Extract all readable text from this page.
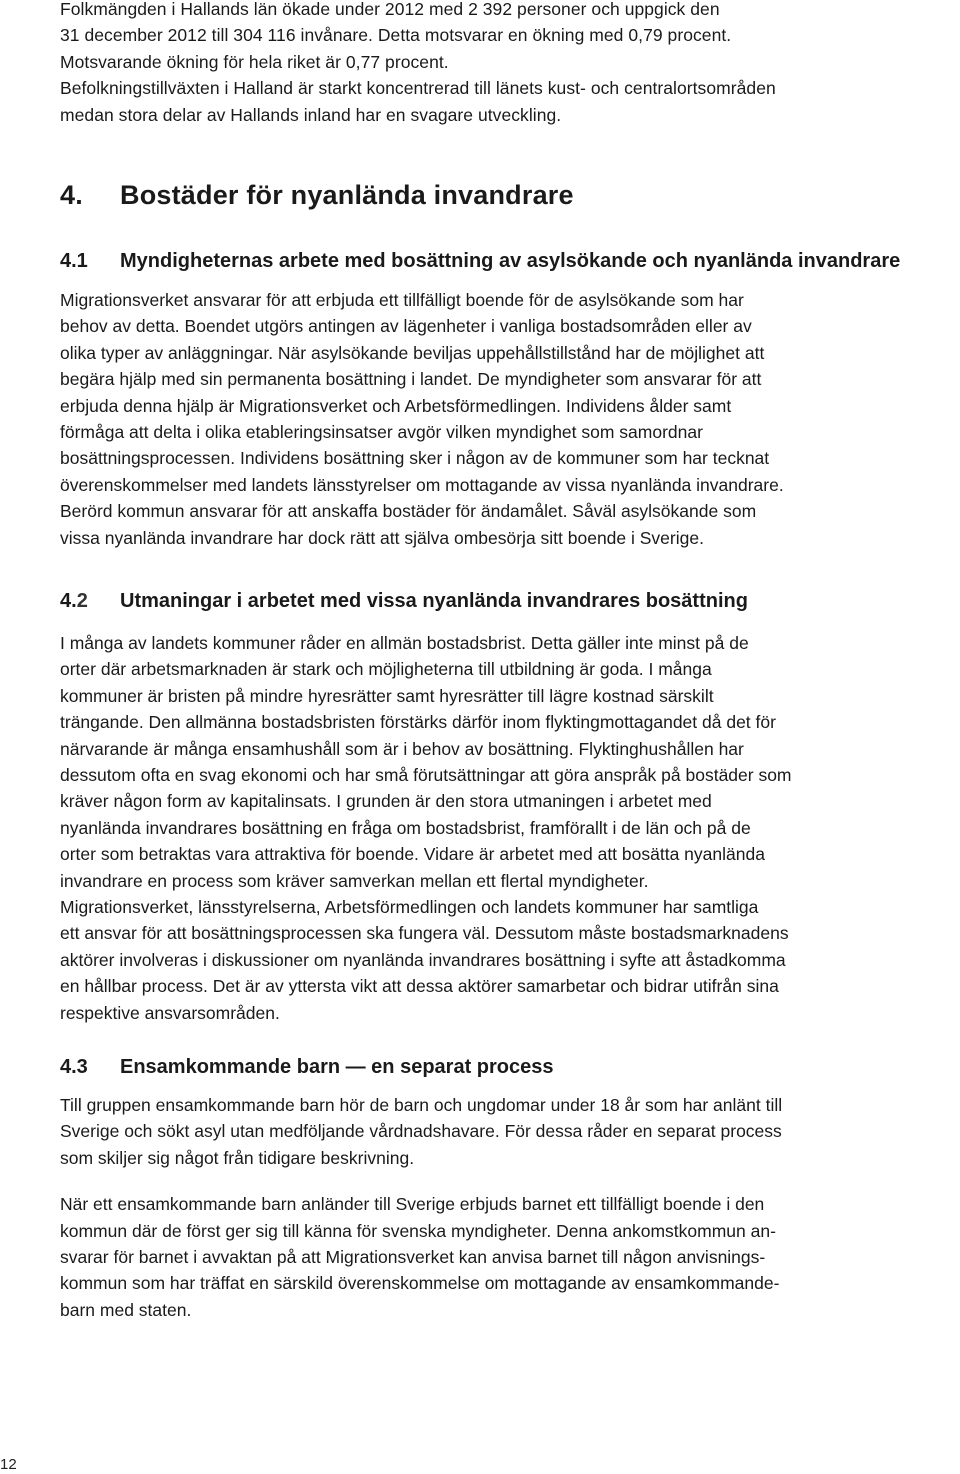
Folkmängden i Hallands län ökade under 2012 med 2 392 personer och uppgick den

31 december 2012 till 304 116 invånare. Detta motsvarar en ökning med 0,79 procent.

Motsvarande ökning för hela riket är 0,77 procent.

Befolkningstillväxten i Halland är starkt koncentrerad till länets kust- och centralortsområden

medan stora delar av Hallands inland har en svagare utveckling.

4. Bostäder för nyanlända invandrare
4.1 Myndigheternas arbete med bosättning av asylsökande och nyanlända invandrare

Migrationsverket ansvarar för att erbjuda ett tillfälligt boende för de asylsökande som har

behov av detta. Boendet utgörs antingen av lägenheter i vanliga bostadsområden eller av

olika typer av anläggningar. När asylsökande beviljas uppehållstillstånd har de möjlighet att

begära hjälp med sin permanenta bosättning i landet. De myndigheter som ansvarar för att

erbjuda denna hjälp är Migrationsverket och Arbetsförmedlingen. Individens ålder samt

förmåga att delta i olika etableringsinsatser avgör vilken myndighet som samordnar

bosättningsprocessen. Individens bosättning sker i någon av de kommuner som har tecknat

överenskommelser med landets länsstyrelser om mottagande av vissa nyanlända invandrare.

Berörd kommun ansvarar för att anskaffa bostäder för ändamålet. Såväl asylsökande som

vissa nyanlända invandrare har dock rätt att själva ombesörja sitt boende i Sverige.

4.2 Utmaningar i arbetet med vissa nyanlända invandrares bosättning

I många av landets kommuner råder en allmän bostadsbrist. Detta gäller inte minst på de

orter där arbetsmarknaden är stark och möjligheterna till utbildning är goda. I många

kommuner är bristen på mindre hyresrätter samt hyresrätter till lägre kostnad särskilt

trängande. Den allmänna bostadsbristen förstärks därför inom flyktingmottagandet då det för

närvarande är många ensamhushåll som är i behov av bosättning. Flyktinghushållen har

dessutom ofta en svag ekonomi och har små förutsättningar att göra anspråk på bostäder som

kräver någon form av kapitalinsats. I grunden är den stora utmaningen i arbetet med

nyanlända invandrares bosättning en fråga om bostadsbrist, framförallt i de län och på de

orter som betraktas vara attraktiva för boende. Vidare är arbetet med att bosätta nyanlända

invandrare en process som kräver samverkan mellan ett flertal myndigheter.

Migrationsverket, länsstyrelserna, Arbetsförmedlingen och landets kommuner har samtliga

ett ansvar för att bosättningsprocessen ska fungera väl. Dessutom måste bostadsmarknadens

aktörer involveras i diskussioner om nyanlända invandrares bosättning i syfte att åstadkomma

en hållbar process. Det är av yttersta vikt att dessa aktörer samarbetar och bidrar utifrån sina

respektive ansvarsområden.

4.3 Ensamkommande barn — en separat process

Till gruppen ensamkommande barn hör de barn och ungdomar under 18 år som har anlänt till

Sverige och sökt asyl utan medföljande vårdnadshavare. För dessa råder en separat process

som skiljer sig något från tidigare beskrivning.

När ett ensamkommande barn anländer till Sverige erbjuds barnet ett tillfälligt boende i den

kommun där de först ger sig till känna för svenska myndigheter. Denna ankomstkommun an-

svarar för barnet i avvaktan på att Migrationsverket kan anvisa barnet till någon anvisnings-

kommun som har träffat en särskild överenskommelse om mottagande av ensamkommande-

barn med staten.

12
